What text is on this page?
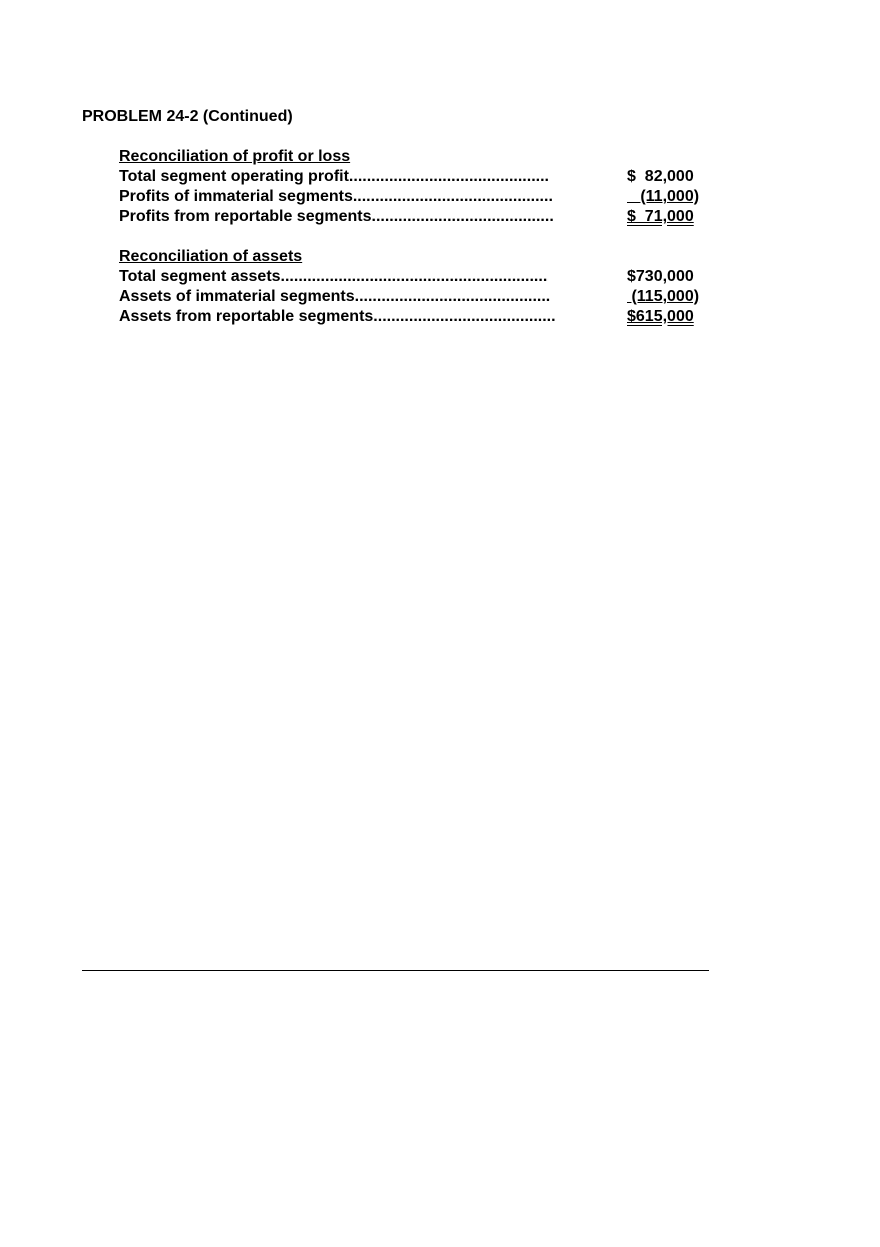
PROBLEM 24-2 (Continued)
Reconciliation of profit or loss
Total segment operating profit.............................................	$  82,000
Profits of immaterial segments.............................................	(11,000)
Profits from reportable segments.........................................	$  71,000
Reconciliation of assets
Total segment assets............................................................	$730,000
Assets of immaterial segments............................................	(115,000)
Assets from reportable segments.........................................	$615,000
